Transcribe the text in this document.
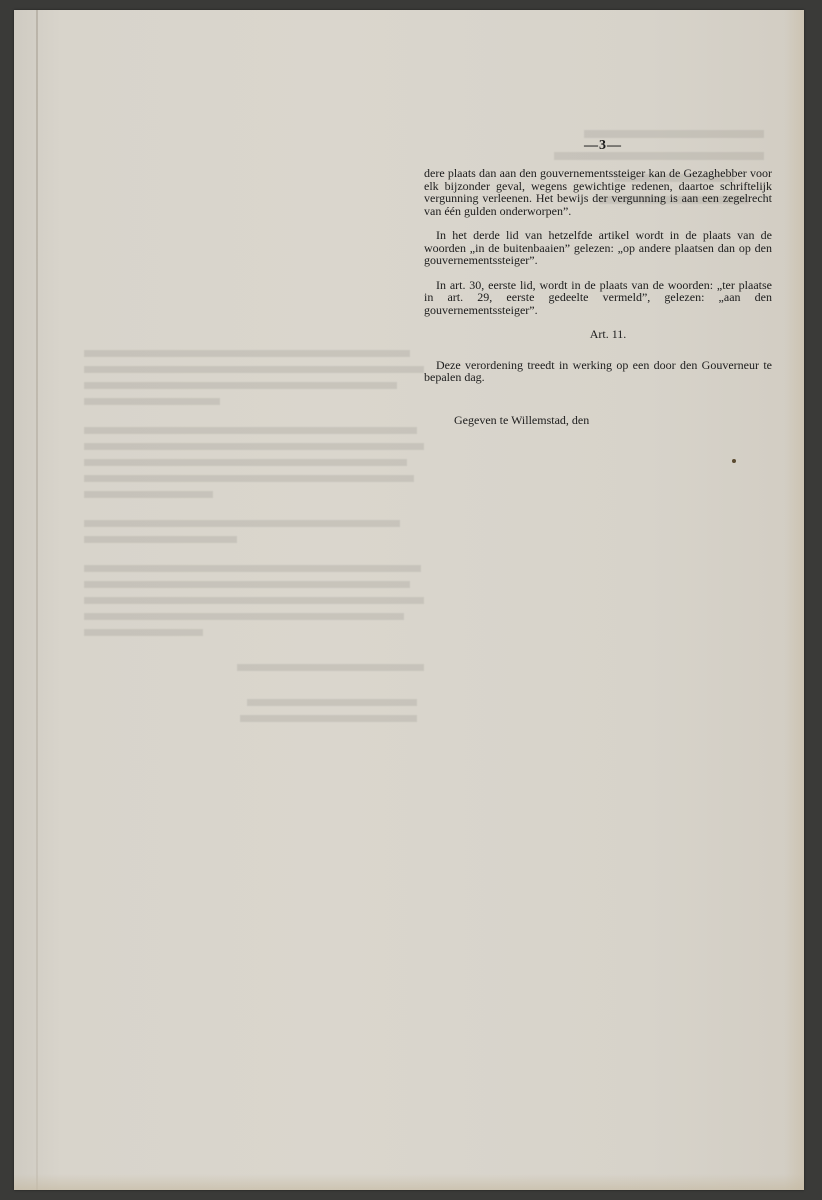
—3—

dere plaats dan aan den gouvernementssteiger kan de Gezaghebber voor elk bijzonder geval, wegens gewichtige redenen, daartoe schriftelijk vergunning verleenen. Het bewijs der vergunning is aan een zegelrecht van één gulden onderworpen”.

In het derde lid van hetzelfde artikel wordt in de plaats van de woorden „in de buitenbaaien” gelezen: „op andere plaatsen dan op den gouvernementssteiger”.

In art. 30, eerste lid, wordt in de plaats van de woorden: „ter plaatse in art. 29, eerste gedeelte vermeld”, gelezen: „aan den gouvernementssteiger”.

Art. 11.

Deze verordening treedt in werking op een door den Gouverneur te bepalen dag.

Gegeven te Willemstad, den
